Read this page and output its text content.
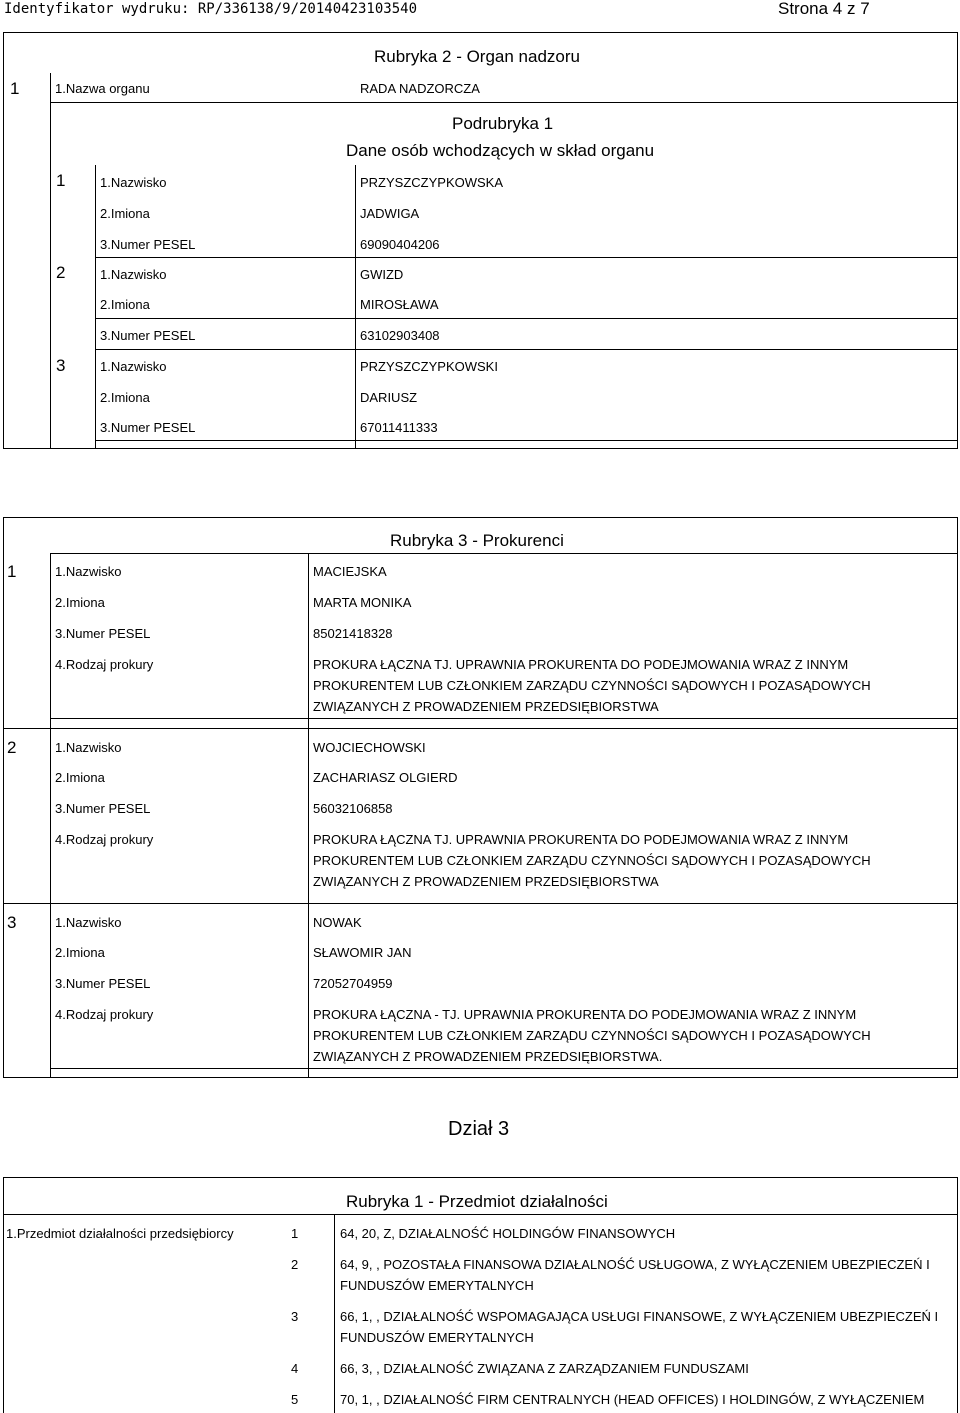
Identyfikator wydruku: RP/336138/9/20140423103540	Strona 4 z 7
Rubryka 2 - Organ nadzoru
1	1.Nazwa organu	RADA NADZORCZA
Podrubryka 1
Dane osób wchodzących w skład organu
1	1.Nazwisko	PRZYSZCZYPKOWSKA
2.Imiona	JADWIGA
3.Numer PESEL	69090404206
2	1.Nazwisko	GWIZD
2.Imiona	MIROSŁAWA
3.Numer PESEL	63102903408
3	1.Nazwisko	PRZYSZCZYPKOWSKI
2.Imiona	DARIUSZ
3.Numer PESEL	67011411333
Rubryka 3 - Prokurenci
1	1.Nazwisko	MACIEJSKA
2.Imiona	MARTA MONIKA
3.Numer PESEL	85021418328
4.Rodzaj prokury	PROKURA ŁĄCZNA TJ. UPRAWNIA PROKURENTA DO PODEJMOWANIA WRAZ Z INNYM PROKURENTEM LUB CZŁONKIEM ZARZĄDU CZYNNOŚCI SĄDOWYCH I POZASĄDOWYCH ZWIĄZANYCH Z PROWADZENIEM PRZEDSIĘBIORSTWA
2	1.Nazwisko	WOJCIECHOWSKI
2.Imiona	ZACHARIASZ OLGIERD
3.Numer PESEL	56032106858
4.Rodzaj prokury	PROKURA ŁĄCZNA TJ. UPRAWNIA PROKURENTA DO PODEJMOWANIA WRAZ Z INNYM PROKURENTEM LUB CZŁONKIEM ZARZĄDU CZYNNOŚCI SĄDOWYCH I POZASĄDOWYCH ZWIĄZANYCH Z PROWADZENIEM PRZEDSIĘBIORSTWA
3	1.Nazwisko	NOWAK
2.Imiona	SŁAWOMIR JAN
3.Numer PESEL	72052704959
4.Rodzaj prokury	PROKURA ŁĄCZNA - TJ. UPRAWNIA PROKURENTA DO PODEJMOWANIA WRAZ Z INNYM PROKURENTEM LUB CZŁONKIEM ZARZĄDU CZYNNOŚCI SĄDOWYCH I POZASĄDOWYCH ZWIĄZANYCH Z PROWADZENIEM PRZEDSIĘBIORSTWA.
Dział 3
Rubryka 1 - Przedmiot działalności
1.Przedmiot działalności przedsiębiorcy	1	64, 20, Z, DZIAŁALNOŚĆ HOLDINGÓW FINANSOWYCH
2	64, 9, , POZOSTAŁA FINANSOWA DZIAŁALNOŚĆ USŁUGOWA, Z WYŁĄCZENIEM UBEZPIECZEŃ I FUNDUSZÓW EMERYTALNYCH
3	66, 1, , DZIAŁALNOŚĆ WSPOMAGAJĄCA USŁUGI FINANSOWE, Z WYŁĄCZENIEM UBEZPIECZEŃ I FUNDUSZÓW EMERYTALNYCH
4	66, 3, , DZIAŁALNOŚĆ ZWIĄZANA Z ZARZĄDZANIEM FUNDUSZAMI
5	70, 1, , DZIAŁALNOŚĆ FIRM CENTRALNYCH (HEAD OFFICES) I HOLDINGÓW, Z WYŁĄCZENIEM
